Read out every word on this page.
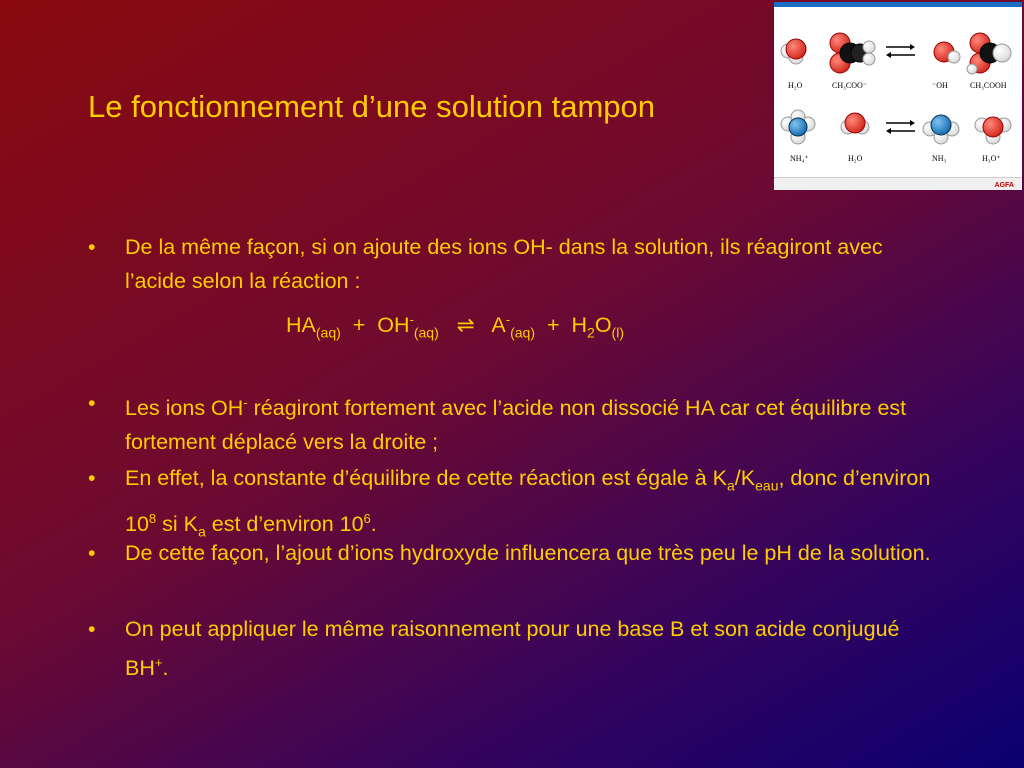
Le fonctionnement d’une solution tampon
• De la même façon, si on ajoute des ions OH- dans la solution, ils réagiront avec l’acide selon la réaction :
$HA_{(aq)} + OH^-_{(aq)}$ ⇌ $A^-_{(aq)} + H_2O_{(l)}$
• Les ions OH- réagiront fortement avec l’acide non dissocié HA car cet équilibre est fortement déplacé vers la droite ;
• En effet, la constante d’équilibre de cette réaction est égale à $K_a/K_{eau}$, donc d’environ $10^8$ si $K_a$ est d’environ $10^6$.
• De cette façon, l’ajout d’ions hydroxyde influencera que très peu le pH de la solution.
• On peut appliquer le même raisonnement pour une base B et son acide conjugué BH+.
H₂O	CH₃COO⁻	⁻OH	CH₃COOH
NH₄⁺	H₂O	NH₃	H₃O⁺
AGFA
